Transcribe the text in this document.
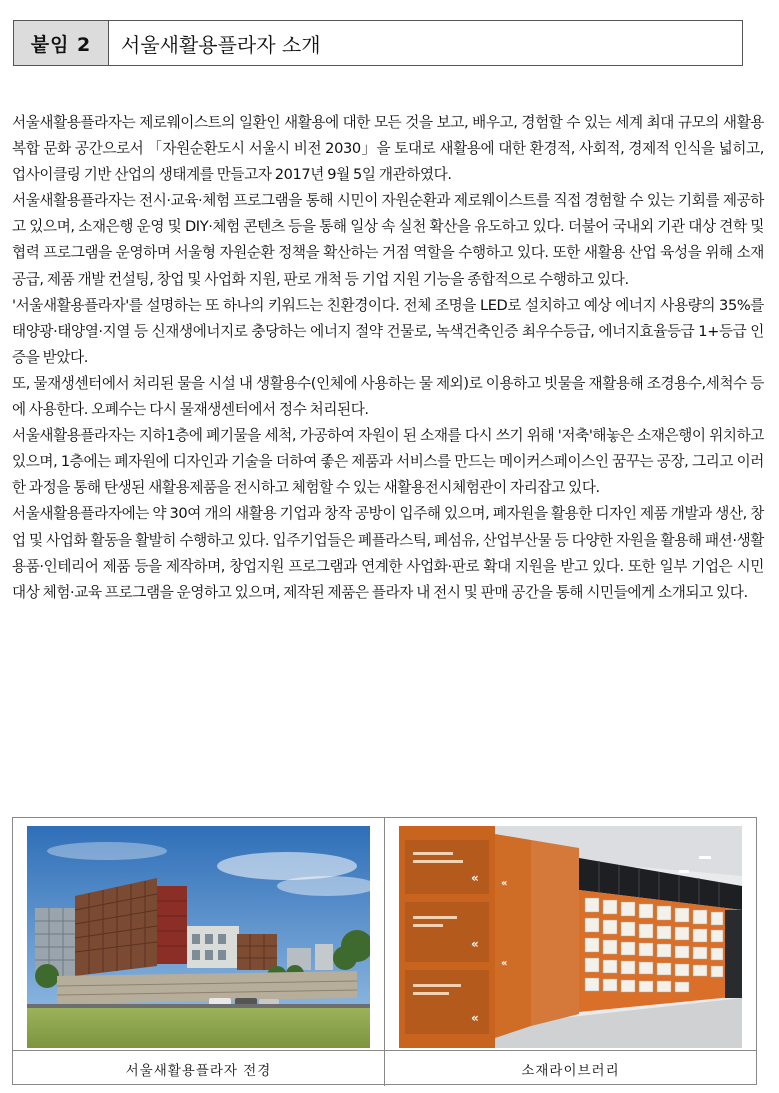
붙임 2	서울새활용플라자 소개

서울새활용플라자는 제로웨이스트의 일환인 새활용에 대한 모든 것을 보고, 배우고, 경험할 수 있는 세계 최대 규모의 새활용 복합 문화 공간으로서 「자원순환도시 서울시 비전 2030」을 토대로 새활용에 대한 환경적, 사회적, 경제적 인식을 넓히고, 업사이클링 기반 산업의 생태계를 만들고자 2017년 9월 5일 개관하였다.

서울새활용플라자는 전시·교육·체험 프로그램을 통해 시민이 자원순환과 제로웨이스트를 직접 경험할 수 있는 기회를 제공하고 있으며, 소재은행 운영 및 DIY·체험 콘텐츠 등을 통해 일상 속 실천 확산을 유도하고 있다. 더불어 국내외 기관 대상 견학 및 협력 프로그램을 운영하며 서울형 자원순환 정책을 확산하는 거점 역할을 수행하고 있다. 또한 새활용 산업 육성을 위해 소재 공급, 제품 개발 컨설팅, 창업 및 사업화 지원, 판로 개척 등 기업 지원 기능을 종합적으로 수행하고 있다.

'서울새활용플라자'를 설명하는 또 하나의 키워드는 친환경이다. 전체 조명을 LED로 설치하고 예상 에너지 사용량의 35%를 태양광·태양열·지열 등 신재생에너지로 충당하는 에너지 절약 건물로, 녹색건축인증 최우수등급, 에너지효율등급 1+등급 인증을 받았다.

또, 물재생센터에서 처리된 물을 시설 내 생활용수(인체에 사용하는 물 제외)로 이용하고 빗물을 재활용해 조경용수,세척수 등에 사용한다. 오폐수는 다시 물재생센터에서 정수 처리된다.

서울새활용플라자는 지하1층에 폐기물을 세척, 가공하여 자원이 된 소재를 다시 쓰기 위해 '저축'해놓은 소재은행이 위치하고 있으며, 1층에는 폐자원에 디자인과 기술을 더하여 좋은 제품과 서비스를 만드는 메이커스페이스인 꿈꾸는 공장, 그리고 이러한 과정을 통해 탄생된 새활용제품을 전시하고 체험할 수 있는 새활용전시체험관이 자리잡고 있다.

서울새활용플라자에는 약 30여 개의 새활용 기업과 창작 공방이 입주해 있으며, 폐자원을 활용한 디자인 제품 개발과 생산, 창업 및 사업화 활동을 활발히 수행하고 있다. 입주기업들은 폐플라스틱, 폐섬유, 산업부산물 등 다양한 자원을 활용해 패션·생활용품·인테리어 제품 등을 제작하며, 창업지원 프로그램과 연계한 사업화·판로 확대 지원을 받고 있다. 또한 일부 기업은 시민 대상 체험·교육 프로그램을 운영하고 있으며, 제작된 제품은 플라자 내 전시 및 판매 공간을 통해 시민들에게 소개되고 있다.

서울새활용플라자 전경
«
«
«
«
«
소재라이브러리
